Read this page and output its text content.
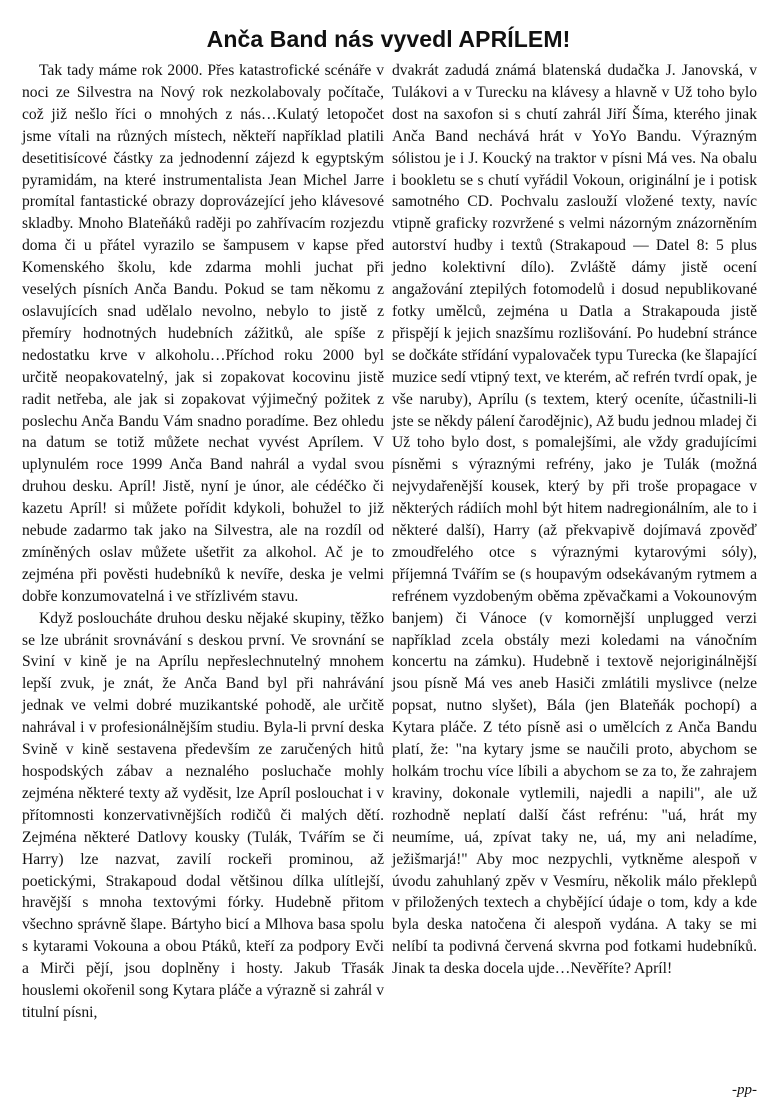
Anča Band nás vyvedl APRÍLEM!

Tak tady máme rok 2000. Přes katastrofické scénáře v noci ze Silvestra na Nový rok nezkolabovaly počítače, což již nešlo říci o mnohých z nás…Kulatý letopočet jsme vítali na různých místech, někteří například platili desetitisícové částky za jednodenní zájezd k egyptským pyramidám, na které instrumentalista Jean Michel Jarre promítal fantastické obrazy doprovázející jeho klávesové skladby. Mnoho Blateňáků raději po zahřívacím rozjezdu doma či u přátel vyrazilo se šampusem v kapse před Komenského školu, kde zdarma mohli juchat při veselých písních Anča Bandu. Pokud se tam někomu z oslavujících snad udělalo nevolno, nebylo to jistě z přemíry hodnotných hudebních zážitků, ale spíše z nedostatku krve v alkoholu…Příchod roku 2000 byl určitě neopakovatelný, jak si zopakovat kocovinu jistě radit netřeba, ale jak si zopakovat výjimečný požitek z poslechu Anča Bandu Vám snadno poradíme. Bez ohledu na datum se totiž můžete nechat vyvést Aprílem. V uplynulém roce 1999 Anča Band nahrál a vydal svou druhou desku. Apríl! Jistě, nyní je únor, ale cédéčko či kazetu Apríl! si můžete pořídit kdykoli, bohužel to již nebude zadarmo tak jako na Silvestra, ale na rozdíl od zmíněných oslav můžete ušetřit za alkohol. Ač je to zejména při pověsti hudebníků k nevíře, deska je velmi dobře konzumovatelná i ve střízlivém stavu.

Když posloucháte druhou desku nějaké skupiny, těžko se lze ubránit srovnávání s deskou první. Ve srovnání se Sviní v kině je na Aprílu nepřeslechnutelný mnohem lepší zvuk, je znát, že Anča Band byl při nahrávání jednak ve velmi dobré muzikantské pohodě, ale určitě nahrával i v profesionálnějším studiu. Byla-li první deska Svině v kině sestavena především ze zaručených hitů hospodských zábav a neznalého posluchače mohly zejména některé texty až vyděsit, lze Apríl poslouchat i v přítomnosti konzervativnějších rodičů či malých dětí. Zejména některé Datlovy kousky (Tulák, Tvářím se či Harry) lze nazvat, zavilí rockeři prominou, až poetickými, Strakapoud dodal většinou dílka ulítlejší, hravější s mnoha textovými fórky. Hudebně přitom všechno správně šlape. Bártyho bicí a Mlhova basa spolu s kytarami Vokouna a obou Ptáků, kteří za podpory Evči a Mirči pějí, jsou doplněny i hosty. Jakub Třasák houslemi okořenil song Kytara pláče a výrazně si zahrál v titulní písni,

dvakrát zadudá známá blatenská dudačka J. Janovská, v Tulákovi a v Turecku na klávesy a hlavně v Už toho bylo dost na saxofon si s chutí zahrál Jiří Šíma, kterého jinak Anča Band nechává hrát v YoYo Bandu. Výrazným sólistou je i J. Koucký na traktor v písni Má ves. Na obalu i bookletu se s chutí vyřádil Vokoun, originální je i potisk samotného CD. Pochvalu zaslouží vložené texty, navíc vtipně graficky rozvržené s velmi názorným znázorněním autorství hudby i textů (Strakapoud — Datel 8: 5 plus jedno kolektivní dílo). Zvláště dámy jistě ocení angažování ztepilých fotomodelů i dosud nepublikované fotky umělců, zejména u Datla a Strakapouda jistě přispějí k jejich snazšímu rozlišování. Po hudební stránce se dočkáte střídání vypalovaček typu Turecka (ke šlapající muzice sedí vtipný text, ve kterém, ač refrén tvrdí opak, je vše naruby), Aprílu (s textem, který oceníte, účastnili-li jste se někdy pálení čarodějnic), Až budu jednou mladej či Už toho bylo dost, s pomalejšími, ale vždy gradujícími písněmi s výraznými refrény, jako je Tulák (možná nejvydařenější kousek, který by při troše propagace v některých rádiích mohl být hitem nadregionálním, ale to i některé další), Harry (až překvapivě dojímavá zpověď zmoudřelého otce s výraznými kytarovými sóly), příjemná Tvářím se (s houpavým odsekávaným rytmem a refrénem vyzdobeným oběma zpěvačkami a Vokounovým banjem) či Vánoce (v komornější unplugged verzi například zcela obstály mezi koledami na vánočním koncertu na zámku). Hudebně i textově nejoriginálnější jsou písně Má ves aneb Hasiči zmlátili myslivce (nelze popsat, nutno slyšet), Bála (jen Blateňák pochopí) a Kytara pláče. Z této písně asi o umělcích z Anča Bandu platí, že: "na kytary jsme se naučili proto, abychom se holkám trochu více líbili a abychom se za to, že zahrajem kraviny, dokonale vytlemili, najedli a napili", ale už rozhodně neplatí další část refrénu: "uá, hrát my neumíme, uá, zpívat taky ne, uá, my ani neladíme, ježišmarjá!" Aby moc nezpychli, vytkněme alespoň v úvodu zahuhlaný zpěv v Vesmíru, několik málo překlepů v přiložených textech a chybějící údaje o tom, kdy a kde byla deska natočena či alespoň vydána. A taky se mi nelíbí ta podivná červená skvrna pod fotkami hudebníků. Jinak ta deska docela ujde…Nevěříte? Apríl!

-pp-
